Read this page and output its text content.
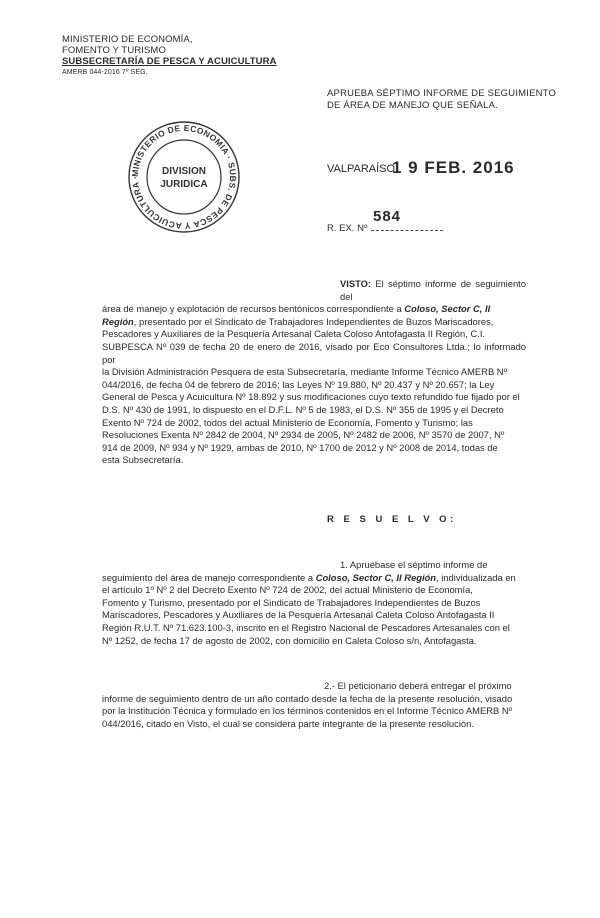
MINISTERIO DE ECONOMÍA,
FOMENTO Y TURISMO
SUBSECRETARÍA DE PESCA Y ACUICULTURA
AMERB 044-2016 7º SEG.
APRUEBA SÉPTIMO INFORME DE SEGUIMIENTO
DE ÁREA DE MANEJO QUE SEÑALA.
MINISTERIO DE ECONOMIA · SUBS. DE PESCA Y ACUICULTURA ·
DIVISION
JURIDICA
VALPARAÍSO,
1 9 FEB. 2016
584
R. EX. Nº
VISTO: El séptimo informe de seguimiento del
área de manejo y explotación de recursos bentónicos correspondiente a Coloso, Sector C, II
Región, presentado por el Sindicato de Trabajadores Independientes de Buzos Mariscadores,
Pescadores y Auxiliares de la Pesquería Artesanal Caleta Coloso Antofagasta II Región, C.I.
SUBPESCA Nº 039 de fecha 20 de enero de 2016, visado por Eco Consultores Ltda.; lo informado por
la División Administración Pesquera de esta Subsecretaría, mediante Informe Técnico AMERB Nº
044/2016, de fecha 04 de febrero de 2016; las Leyes Nº 19.880, Nº 20.437 y Nº 20.657; la Ley
General de Pesca y Acuicultura Nº 18.892 y sus modificaciones cuyo texto refundido fue fijado por el
D.S. Nº 430 de 1991, lo dispuesto en el D.F.L. Nº 5 de 1983, el D.S. Nº 355 de 1995 y el Decreto
Exento Nº 724 de 2002, todos del actual Ministerio de Economía, Fomento y Turismo; las
Resoluciones Exenta Nº 2842 de 2004, Nº 2934 de 2005, Nº 2482 de 2006, Nº 3570 de 2007, Nº
914 de 2009, Nº 934 y Nº 1929, ambas de 2010, Nº 1700 de 2012 y Nº 2008 de 2014, todas de
esta Subsecretaría.
R E S U E L V O:
1. Apruébase el séptimo informe de
seguimiento del área de manejo correspondiente a Coloso, Sector C, II Región, individualizada en
el artículo 1º Nº 2 del Decreto Exento Nº 724 de 2002, del actual Ministerio de Economía,
Fomento y Turismo, presentado por el Sindicato de Trabajadores Independientes de Buzos
Mariscadores, Pescadores y Auxiliares de la Pesquería Artesanal Caleta Coloso Antofagasta II
Región R.U.T. Nº 71.623.100-3, inscrito en el Registro Nacional de Pescadores Artesanales con el
Nº 1252, de fecha 17 de agosto de 2002, con domicilio en Caleta Coloso s/n, Antofagasta.
2.- El peticionario deberá entregar el próximo
informe de seguimiento dentro de un año contado desde la fecha de la presente resolución, visado
por la Institución Técnica y formulado en los términos contenidos en el Informe Técnico AMERB Nº
044/2016, citado en Visto, el cual se considera parte integrante de la presente resolución.
